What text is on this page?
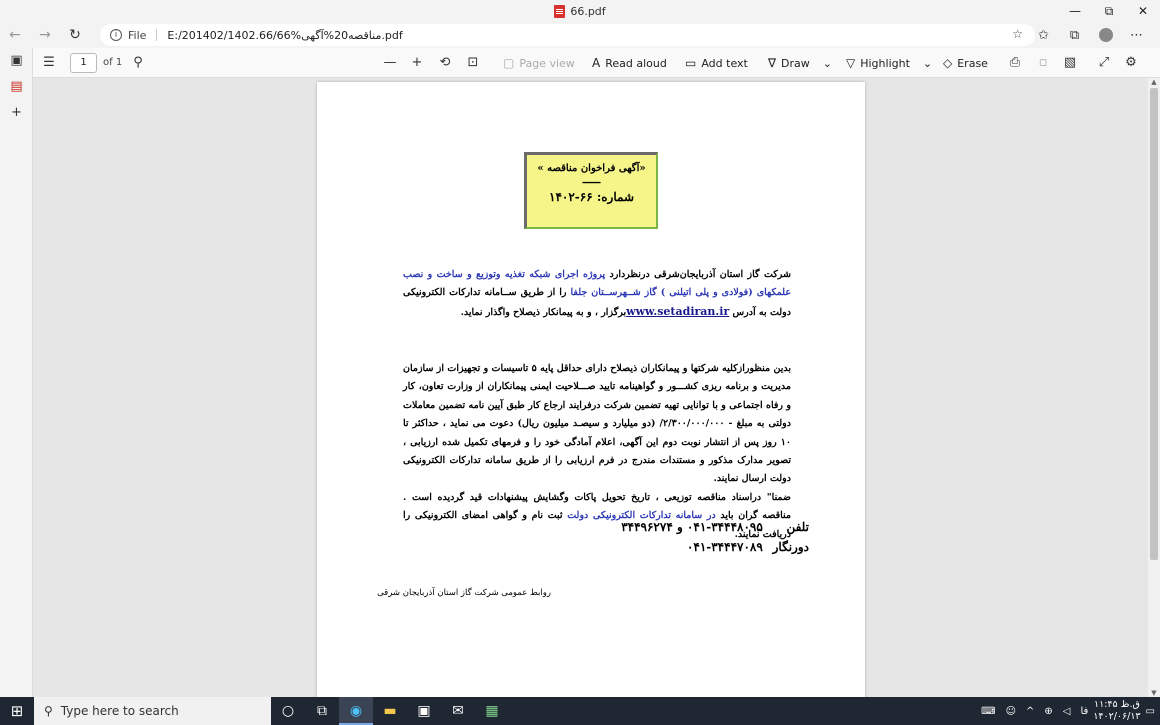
66.pdf	—	⧉	✕
←	→	↻	i File E:/201402/1402.66/66%مناقصه20%آگهی.pdf	☆	✩	⧉	⋯
▣
▤
+
☰	1	of 1 ⚲	—	+	⟲	⊡	▢ Page view A Read aloud ▭ Add text ∇ Draw ⌄ ▽ Highlight ⌄ ◇ Erase	⎙	▫	▧	⤢	⚙
«آگهی فراخوان مناقصه »
ــــــ
شماره: ۶۶-۱۴۰۲
شرکت گاز استان آذربایجان‌شرقی درنظردارد پروژه اجرای شبکه تغذیه وتوزیع و ساخت و نصب علمکهای (فولادی و پلی اتیلنی ) گاز شــهرســتان جلفا را از طریق ســامانه تدارکات الکترونیکی دولت به آدرس www.setadiran.irبرگزار ، و به پیمانکار ذیصلاح واگذار نماید.
بدین منظوراز‌کلیه شرکتها و پیمانکاران ذیصلاح دارای حداقل پایه ۵ تاسیسات و تجهیزات از سازمان مدیریت و برنامه ریزی کشـــور و گواهینامه تایید صـــلاحیت ایمنی پیمانکاران از وزارت تعاون، کار و رفاه اجتماعی و با توانایی تهیه تضمین شرکت درفرایند ارجاع کار طبق آیین نامه تضمین معاملات دولتی به مبلغ - ۲/۳۰۰/۰۰۰/۰۰۰/ (دو میلیارد و سیصـد میلیون ریال) دعوت می نماید ، حداکثر تا ۱۰ روز پس از انتشار نوبت دوم این آگهی، اعلام آمادگی خود را و فرمهای تکمیل شده ارزیابی ، تصویر مدارک مذکور و مستندات مندرج در فرم ارزیابی را از طریق سامانه تدارکات الکترونیکی دولت ارسال نمایند.
ضمنا" دراسناد مناقصه توزیعی ، تاریخ تحویل پاکات وگشایش پیشنهادات قید گردیده است . مناقصه گران باید در سامانه تدارکات الکترونیکی دولت ثبت نام و گواهی امضای الکترونیکی را دریافت نمایند.
تلفن ۰۴۱-۳۴۴۴۸۰۹۵ و ۳۴۴۹۶۲۷۴
دورنگار ۰۴۱-۳۴۴۴۷۰۸۹
روابط عمومی شرکت گاز استان آذربایجان شرقی
▲
▼
⊞	⚲ Type here to search	○	⧉	◉	▬	▣	✉	▦	⌨ ☺ ^ ⊕ ◁ فا
ق.ظ ۱۱:۴۵
۱۴۰۲/۰۶/۱۳ ▭
